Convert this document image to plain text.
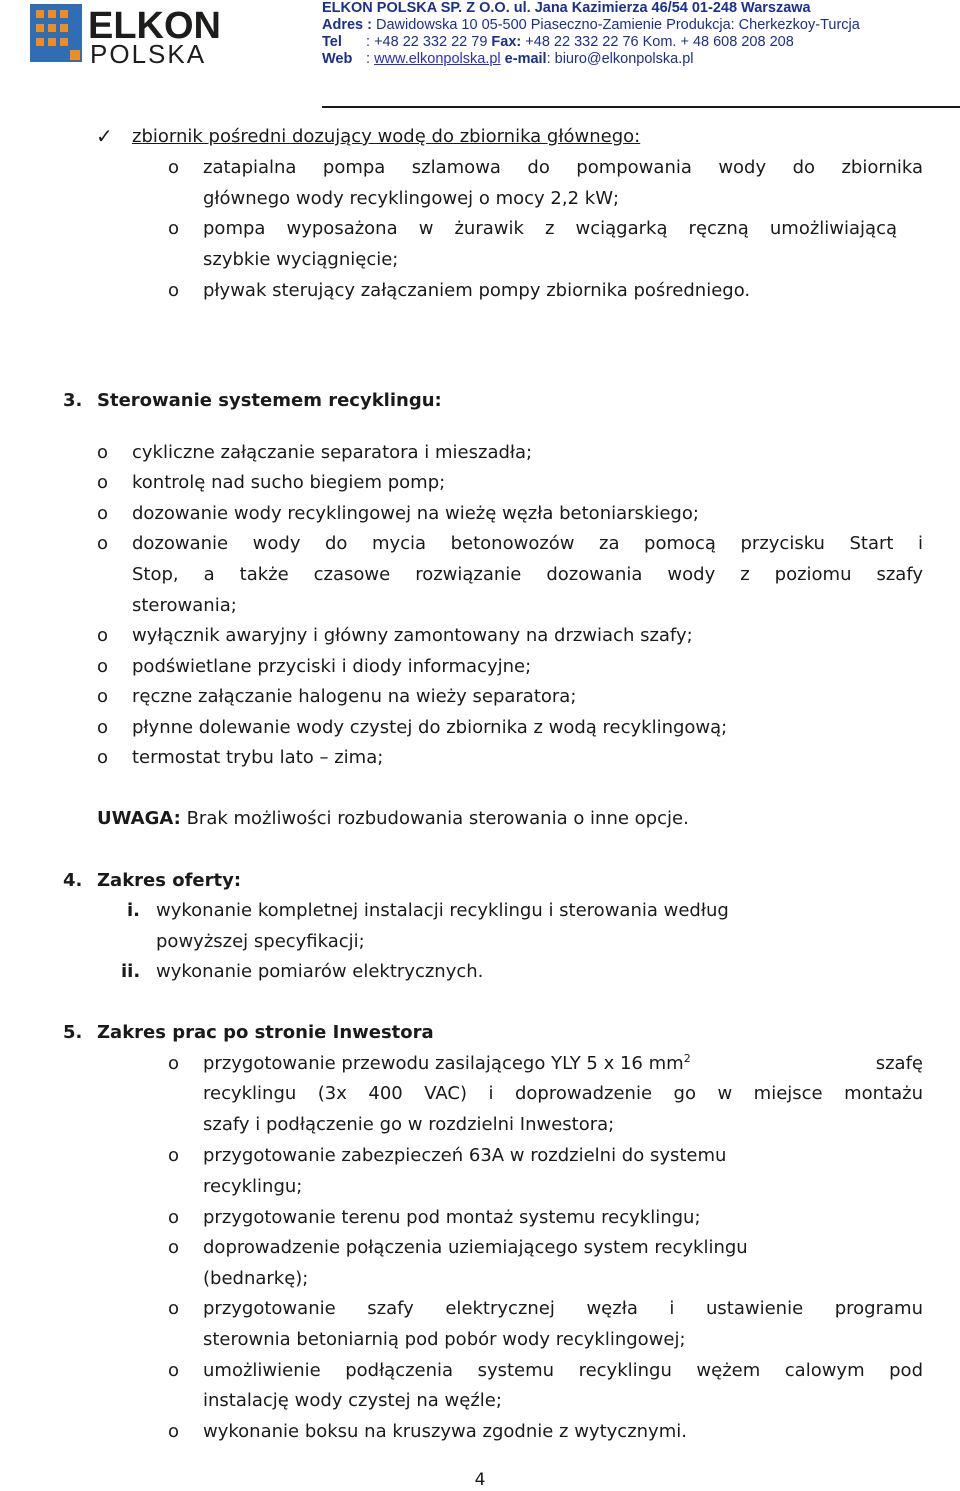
ELKON
POLSKA
ELKON POLSKA SP. Z O.O. ul. Jana Kazimierza 46/54 01-248 Warszawa
Adres : Dawidowska 10 05-500 Piaseczno-Zamienie Produkcja: Cherkezkoy-Turcja
Tel : +48 22 332 22 79 Fax: +48 22 332 22 76 Kom. + 48 608 208 208
Web : www.elkonpolska.pl e-mail: biuro@elkonpolska.pl
✓ zbiornik pośredni dozujący wodę do zbiornika głównego:
o zatapialna pompa szlamowa do pompowania wody do zbiornika
głównego wody recyklingowej o mocy 2,2 kW;
o pompa wyposażona w żurawik z wciągarką ręczną umożliwiającą
szybkie wyciągnięcie;
o pływak sterujący załączaniem pompy zbiornika pośredniego.
3. Sterowanie systemem recyklingu:
o cykliczne załączanie separatora i mieszadła;
o kontrolę nad sucho biegiem pomp;
o dozowanie wody recyklingowej na wieżę węzła betoniarskiego;
o dozowanie wody do mycia betonowozów za pomocą przycisku Start i
Stop, a także czasowe rozwiązanie dozowania wody z poziomu szafy
sterowania;
o wyłącznik awaryjny i główny zamontowany na drzwiach szafy;
o podświetlane przyciski i diody informacyjne;
o ręczne załączanie halogenu na wieży separatora;
o płynne dolewanie wody czystej do zbiornika z wodą recyklingową;
o termostat trybu lato – zima;
UWAGA: Brak możliwości rozbudowania sterowania o inne opcje.
4. Zakres oferty:
i. wykonanie kompletnej instalacji recyklingu i sterowania według
powyższej specyfikacji;
ii. wykonanie pomiarów elektrycznych.
5. Zakres prac po stronie Inwestora
o przygotowanie przewodu zasilającego YLY 5 x 16 $mm^2$	szafę
recyklingu (3x 400 VAC) i doprowadzenie go w miejsce montażu
szafy i podłączenie go w rozdzielni Inwestora;
o przygotowanie zabezpieczeń 63A w rozdzielni do systemu
recyklingu;
o przygotowanie terenu pod montaż systemu recyklingu;
o doprowadzenie połączenia uziemiającego system recyklingu
(bednarkę);
o przygotowanie szafy elektrycznej węzła i ustawienie programu
sterownia betoniarnią pod pobór wody recyklingowej;
o umożliwienie podłączenia systemu recyklingu wężem calowym pod
instalację wody czystej na węźle;
o wykonanie boksu na kruszywa zgodnie z wytycznymi.
4
